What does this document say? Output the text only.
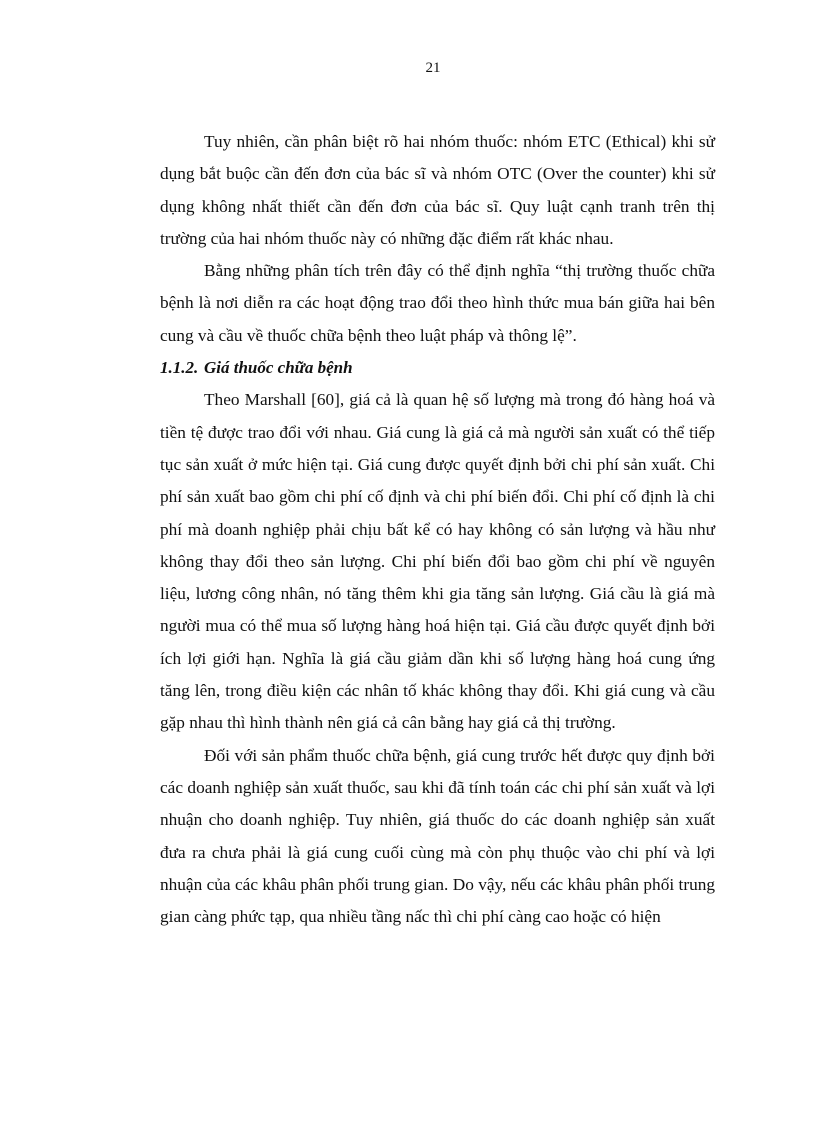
21

Tuy nhiên, cần phân biệt rõ hai nhóm thuốc: nhóm ETC (Ethical) khi sử dụng bắt buộc cần đến đơn của bác sĩ và nhóm OTC (Over the counter) khi sử dụng không nhất thiết cần đến đơn của bác sĩ. Quy luật cạnh tranh trên thị trường của hai nhóm thuốc này có những đặc điểm rất khác nhau.

Bằng những phân tích trên đây có thể định nghĩa “thị trường thuốc chữa bệnh là nơi diễn ra các hoạt động trao đổi theo hình thức mua bán giữa hai bên cung và cầu về thuốc chữa bệnh theo luật pháp và thông lệ”.

1.1.2. Giá thuốc chữa bệnh

Theo Marshall [60], giá cả là quan hệ số lượng mà trong đó hàng hoá và tiền tệ được trao đổi với nhau. Giá cung là giá cả mà người sản xuất có thể tiếp tục sản xuất ở mức hiện tại. Giá cung được quyết định bởi chi phí sản xuất. Chi phí sản xuất bao gồm chi phí cố định và chi phí biến đổi. Chi phí cố định là chi phí mà doanh nghiệp phải chịu bất kể có hay không có sản lượng và hầu như không thay đổi theo sản lượng. Chi phí biến đổi bao gồm chi phí về nguyên liệu, lương công nhân, nó tăng thêm khi gia tăng sản lượng. Giá cầu là giá mà người mua có thể mua số lượng hàng hoá hiện tại. Giá cầu được quyết định bởi ích lợi giới hạn. Nghĩa là giá cầu giảm dần khi số lượng hàng hoá cung ứng tăng lên, trong điều kiện các nhân tố khác không thay đổi. Khi giá cung và cầu gặp nhau thì hình thành nên giá cả cân bằng hay giá cả thị trường.

Đối với sản phẩm thuốc chữa bệnh, giá cung trước hết được quy định bởi các doanh nghiệp sản xuất thuốc, sau khi đã tính toán các chi phí sản xuất và lợi nhuận cho doanh nghiệp. Tuy nhiên, giá thuốc do các doanh nghiệp sản xuất đưa ra chưa phải là giá cung cuối cùng mà còn phụ thuộc vào chi phí và lợi nhuận của các khâu phân phối trung gian. Do vậy, nếu các khâu phân phối trung gian càng phức tạp, qua nhiều tầng nấc thì chi phí càng cao hoặc có hiện
